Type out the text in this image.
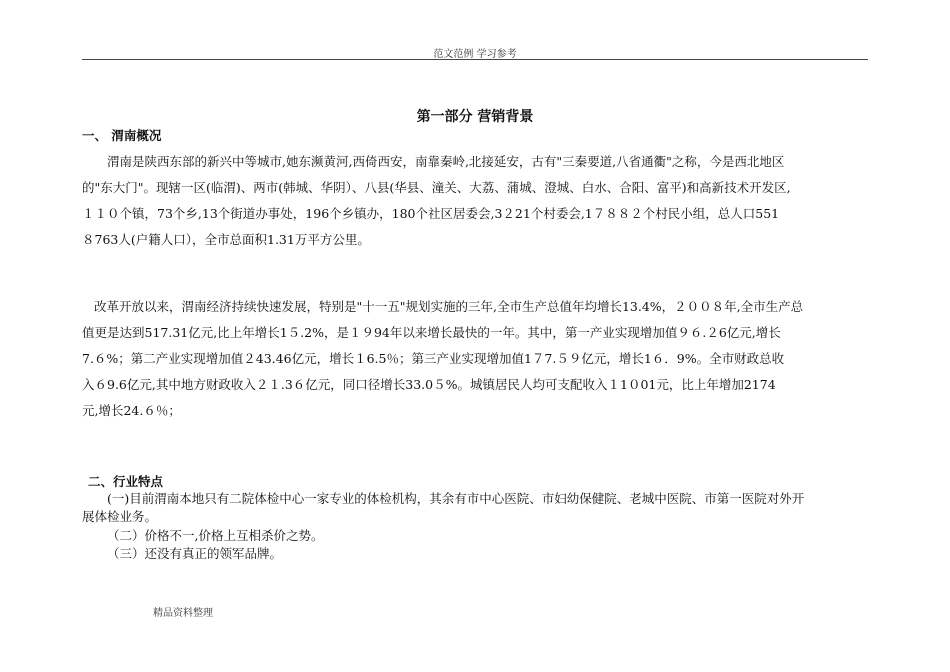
范文范例 学习参考
第一部分 营销背景
一、 渭南概况
渭南是陕西东部的新兴中等城市,她东濒黄河,西倚西安，南靠秦岭,北接延安，古有"三秦要道,八省通衢"之称，今是西北地区
的"东大门"。现辖一区(临渭)、两市(韩城、华阴）、八县(华县、潼关、大荔、蒲城、澄城、白水、合阳、富平)和高新技术开发区,
１１０个镇，73个乡,13个街道办事处，196个乡镇办，180个社区居委会,3２21个村委会,1７８８２个村民小组，总人口551
８763人(户籍人口），全市总面积1.31万平方公里。
改革开放以来，渭南经济持续快速发展，特别是"十一五"规划实施的三年,全市生产总值年均增长13.4%，２００８年,全市生产总
值更是达到517.31亿元,比上年增长1５.2%，是１９94年以来增长最快的一年。其中，第一产业实现增加值９６.２6亿元,增长
7.６%；第二产业实现增加值２43.46亿元，增长１6.5％；第三产业实现增加值1７7.５９亿元，增长1６．9%。全市财政总收
入６9.6亿元,其中地方财政收入２１.3６亿元，同口径增长33.0５%。城镇居民人均可支配收入１1０01元，比上年增加2174
元,增长24.６％；
二、行业特点
(一)目前渭南本地只有二院体检中心一家专业的体检机构，其余有市中心医院、市妇幼保健院、老城中医院、市第一医院对外开
展体检业务。
（二）价格不一,价格上互相杀价之势。
（三）还没有真正的领军品牌。
精品资料整理
